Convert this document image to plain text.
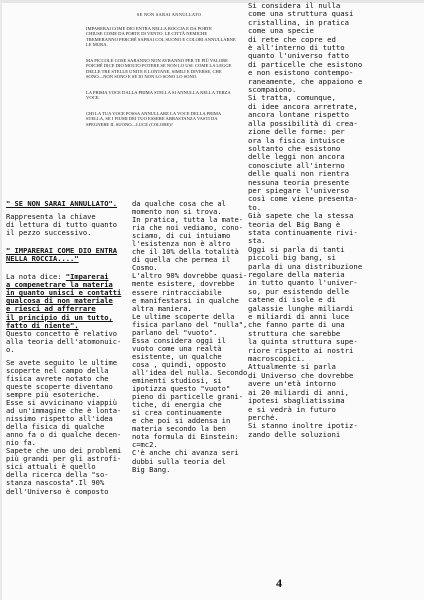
SE NON SARAI ANNULLATO
IMPARERAI COME DIO ENTRA NELLA ROCCIA E DA PORTE
CHIUSE COME DA PORTE DI VENTO. LE CITTÀ NEMICHE
TREMERANNO PERCHÉ SAPRAI COL SUONO E COLORI ANNULLARNE
LE MURA.
MA PICCOLE COSE SARANNO NON AVRANNO PER TE PIÙ VALORE
POICHÉ DICE DIO MOLTO POTERE SE NON LO USI. COME LA LEGGE
DELLE TRE STELLE UNITE E LONTANE, SIMILI E DIVERSE, CHE
SONO—NON SONO E SE IO NON LO SONO LO SONO.
LA PRIMA VOCE DALLA PRIMA STELLA SI ANNULLA NELLA TERZA
VOCE.
CHI LA TUA VOCE POSSA ANNULLARE LA VOCE DELLA PRIMA
STELLA, SE I FIUMI DEI TUO ESSERE ABBASTANZA VASTI DA
SPEGNERE IL SUONO—LUCE (COLORE)?
Si considera il nulla
come una struttura quasi
cristallina, in pratica
come una specie
di rete che copre ed
è all'interno di tutto
quanto l'universo fatto
di particelle che esistono
e non esistono contempo-
raneamente, che appaiono e
scompaiono.
Si tratta, comunque,
di idee ancora arretrate,
ancora lontane rispetto
alla possibilità di crea-
zione delle forme: per
ora la fisica intuisce
soltanto che esistono
delle leggi non ancora
conosciute all'interno
delle quali non rientra
nessuna teoria presente
per spiegare l'universo
così come viene presenta-
to.
Già sapete che la stessa
teoria del Big Bang è
stata continuamente rivi-
sta.
Oggi si parla di tanti
piccoli big bang, si
parla di una distribuzione
regolare della materia
in tutto quanto l'univer-
so, pur esistendo delle
catene di isole e di
galassie lunghe miliardi
e miliardi di anni luce
che fanno parte di una
struttura che sarebbe
la quinta struttura supe-
riore rispetto ai nostri
macroscopici.
Attualmente si parla
di Universo che dovrebbe
avere un'età intorno
ai 20 miliardi di anni,
ipotesi sbagliatissima
e si vedrà in futuro
perché.
Si stanno inoltre ipotiz-
zando delle soluzioni
" SE NON SARAI ANNULLATO".
Rappresenta la chiave
di lettura di tutto quanto
il pezzo successivo.
" IMPARERAI COME DIO ENTRA
NELLA ROCCIA...."
La nota dice: "Imparerai
a compenetrare la materia
in quanto unisci e contatti
qualcosa di non materiale
e riesci ad afferrare
il principio di un tutto,
fatto di niente".
Questo concetto è relativo
alla teoria dell'atomonuic-
o.
Se avete seguito le ultime
scoperte nel campo della
fisica avrete notato che
queste scoperte diventano
sempre più esoteriche.
Esse si avvicinano viappiù
ad un'immagine che è lonta-
nissimo rispetto all'idea
della fisica di qualche
anno fa o di qualche decen-
nio fa.
Sapete che uno dei problemi
più grandi per gli astrofi-
sici attuali è quello
della ricerca della "so-
stanza nascosta".Il 90%
dell'Universo è composto
da qualche cosa che al
momento non si trova.
In pratica, tutta la mate-
ria che noi vediamo, cono-
sciamo, di cui intuiamo
l'esistenza non è altro
che il 10% della totalità
di quella che permea il
Cosmo.
L'altro 90% dovrebbe quasi-
mente esistere, dovrebbe
essere rintracciabile
e manifestarsi in qualche
altra maniera.
Le ultime scoperte della
fisica parlano del "nulla",
parlano del "vuoto".
Essa considera oggi il
vuoto come una realtà
esistente, un qualche
cosa , quindi, opposto
all'idea del nulla. Secondo
eminenti studiosi, si
ipotizza questo "vuoto"
pieno di particelle grani-
tiche, di energia che
si crea continuamente
e che poi si addensa in
materia secondo la ben
nota formula di Einstein:
c=mc2.
C'è anche chi avanza seri
dubbi sulla teoria del
Big Bang.
4
